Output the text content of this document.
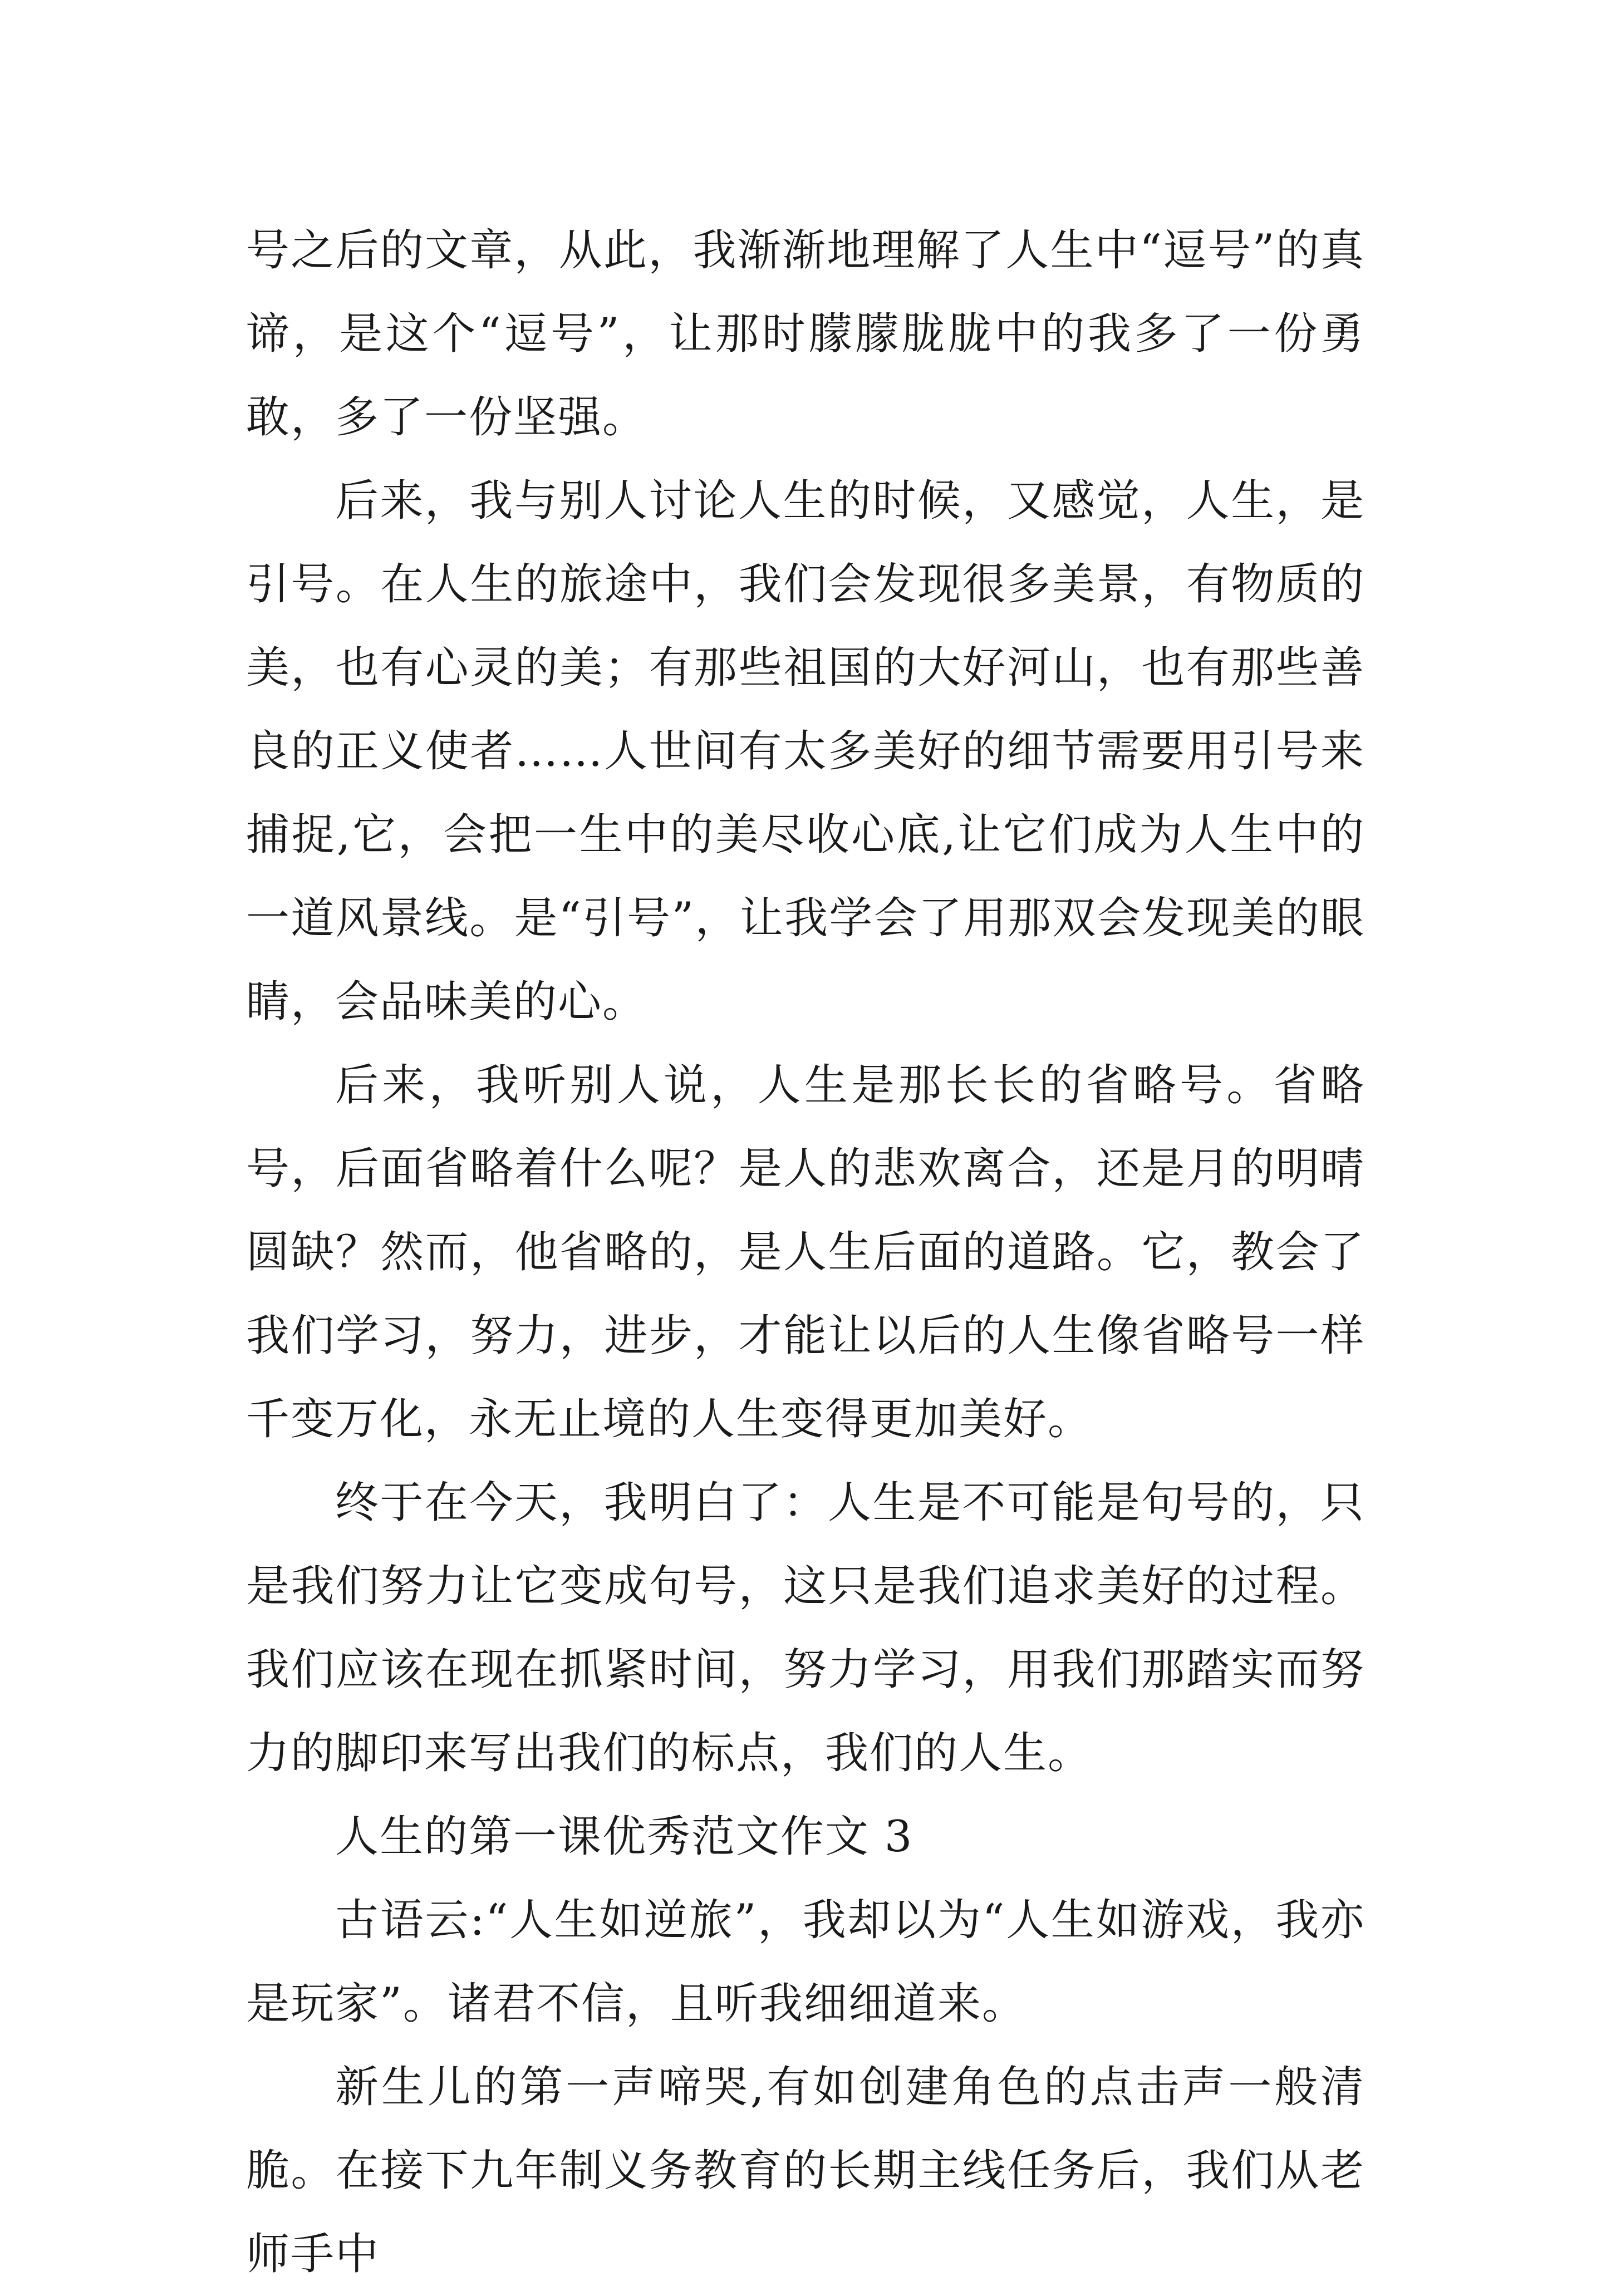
号之后的文章，从此，我渐渐地理解了人生中“逗号”的真谛，是这个“逗号”，让那时朦朦胧胧中的我多了一份勇敢，多了一份坚强。

后来，我与别人讨论人生的时候，又感觉，人生，是引号。在人生的旅途中，我们会发现很多美景，有物质的美，也有心灵的美；有那些祖国的大好河山，也有那些善良的正义使者……人世间有太多美好的细节需要用引号来捕捉,它，会把一生中的美尽收心底,让它们成为人生中的一道风景线。是“引号”，让我学会了用那双会发现美的眼睛，会品味美的心。

后来，我听别人说，人生是那长长的省略号。省略号，后面省略着什么呢？是人的悲欢离合，还是月的明晴圆缺？然而，他省略的，是人生后面的道路。它，教会了我们学习，努力，进步，才能让以后的人生像省略号一样千变万化，永无止境的人生变得更加美好。

终于在今天，我明白了：人生是不可能是句号的，只是我们努力让它变成句号，这只是我们追求美好的过程。我们应该在现在抓紧时间，努力学习，用我们那踏实而努力的脚印来写出我们的标点，我们的人生。

人生的第一课优秀范文作文 3

古语云:“人生如逆旅”，我却以为“人生如游戏，我亦是玩家”。诸君不信，且听我细细道来。

新生儿的第一声啼哭,有如创建角色的点击声一般清脆。在接下九年制义务教育的长期主线任务后，我们从老师手中
